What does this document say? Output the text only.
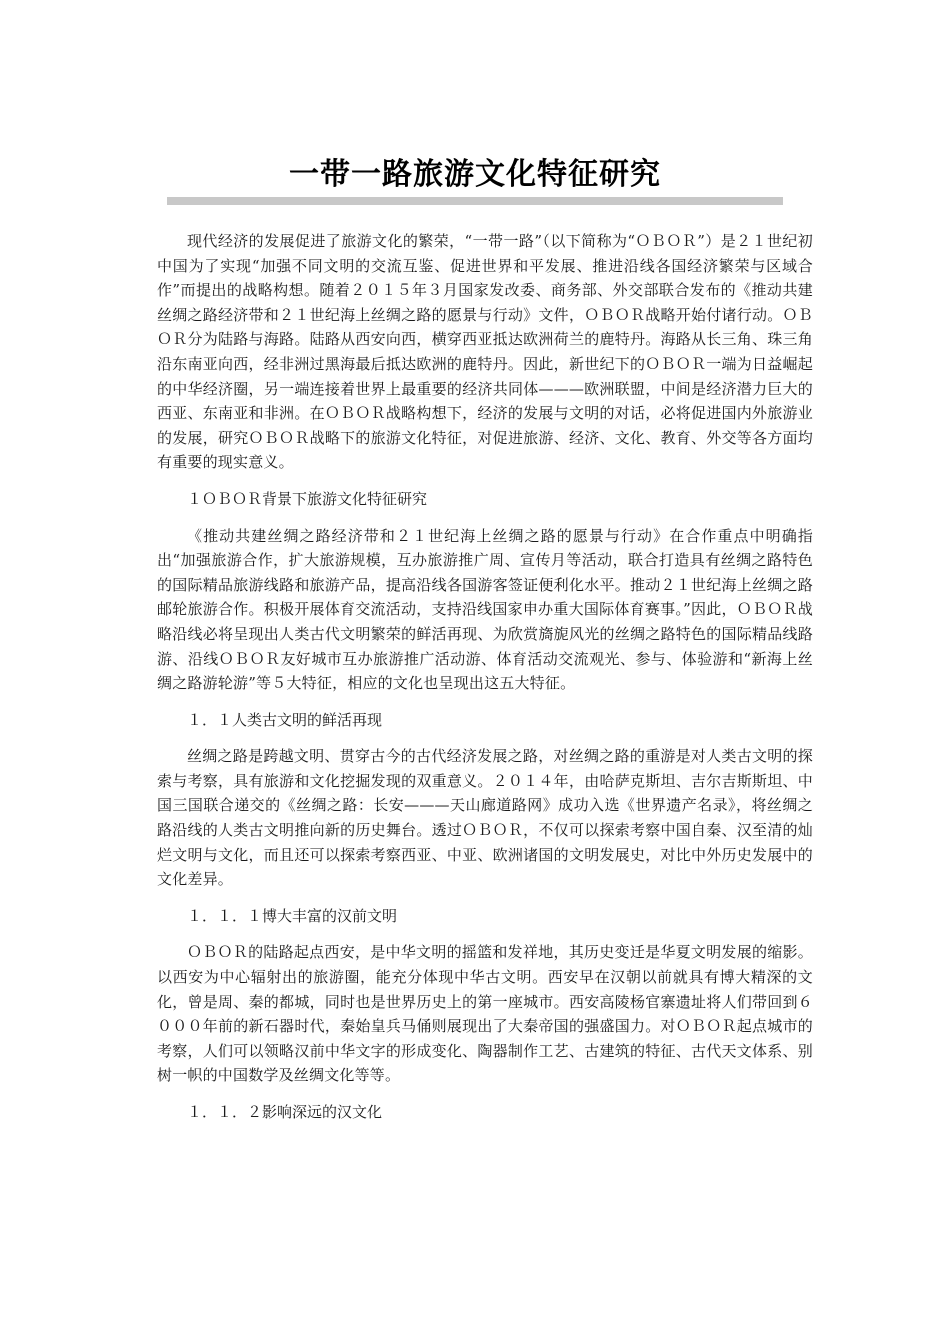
一带一路旅游文化特征研究

现代经济的发展促进了旅游文化的繁荣，“一带一路”（以下简称为“ＯＢＯＲ”）是２１世纪初中国为了实现“加强不同文明的交流互鉴、促进世界和平发展、推进沿线各国经济繁荣与区域合作”而提出的战略构想。随着２０１５年３月国家发改委、商务部、外交部联合发布的《推动共建丝绸之路经济带和２１世纪海上丝绸之路的愿景与行动》文件，ＯＢＯＲ战略开始付诸行动。ＯＢＯＲ分为陆路与海路。陆路从西安向西，横穿西亚抵达欧洲荷兰的鹿特丹。海路从长三角、珠三角沿东南亚向西，经非洲过黑海最后抵达欧洲的鹿特丹。因此，新世纪下的ＯＢＯＲ一端为日益崛起的中华经济圈，另一端连接着世界上最重要的经济共同体———欧洲联盟，中间是经济潜力巨大的西亚、东南亚和非洲。在ＯＢＯＲ战略构想下，经济的发展与文明的对话，必将促进国内外旅游业的发展，研究ＯＢＯＲ战略下的旅游文化特征，对促进旅游、经济、文化、教育、外交等各方面均有重要的现实意义。

１ＯＢＯＲ背景下旅游文化特征研究

《推动共建丝绸之路经济带和２１世纪海上丝绸之路的愿景与行动》在合作重点中明确指出“加强旅游合作，扩大旅游规模，互办旅游推广周、宣传月等活动，联合打造具有丝绸之路特色的国际精品旅游线路和旅游产品，提高沿线各国游客签证便利化水平。推动２１世纪海上丝绸之路邮轮旅游合作。积极开展体育交流活动，支持沿线国家申办重大国际体育赛事。”因此，ＯＢＯＲ战略沿线必将呈现出人类古代文明繁荣的鲜活再现、为欣赏旖旎风光的丝绸之路特色的国际精品线路游、沿线ＯＢＯＲ友好城市互办旅游推广活动游、体育活动交流观光、参与、体验游和“新海上丝绸之路游轮游”等５大特征，相应的文化也呈现出这五大特征。

１．１人类古文明的鲜活再现

丝绸之路是跨越文明、贯穿古今的古代经济发展之路，对丝绸之路的重游是对人类古文明的探索与考察，具有旅游和文化挖掘发现的双重意义。２０１４年，由哈萨克斯坦、吉尔吉斯斯坦、中国三国联合递交的《丝绸之路：长安———天山廊道路网》成功入选《世界遗产名录》，将丝绸之路沿线的人类古文明推向新的历史舞台。透过ＯＢＯＲ，不仅可以探索考察中国自秦、汉至清的灿烂文明与文化，而且还可以探索考察西亚、中亚、欧洲诸国的文明发展史，对比中外历史发展中的文化差异。

１．１．１博大丰富的汉前文明

ＯＢＯＲ的陆路起点西安，是中华文明的摇篮和发祥地，其历史变迁是华夏文明发展的缩影。以西安为中心辐射出的旅游圈，能充分体现中华古文明。西安早在汉朝以前就具有博大精深的文化，曾是周、秦的都城，同时也是世界历史上的第一座城市。西安高陵杨官寨遗址将人们带回到６０００年前的新石器时代，秦始皇兵马俑则展现出了大秦帝国的强盛国力。对ＯＢＯＲ起点城市的考察，人们可以领略汉前中华文字的形成变化、陶器制作工艺、古建筑的特征、古代天文体系、别树一帜的中国数学及丝绸文化等等。

１．１．２影响深远的汉文化
